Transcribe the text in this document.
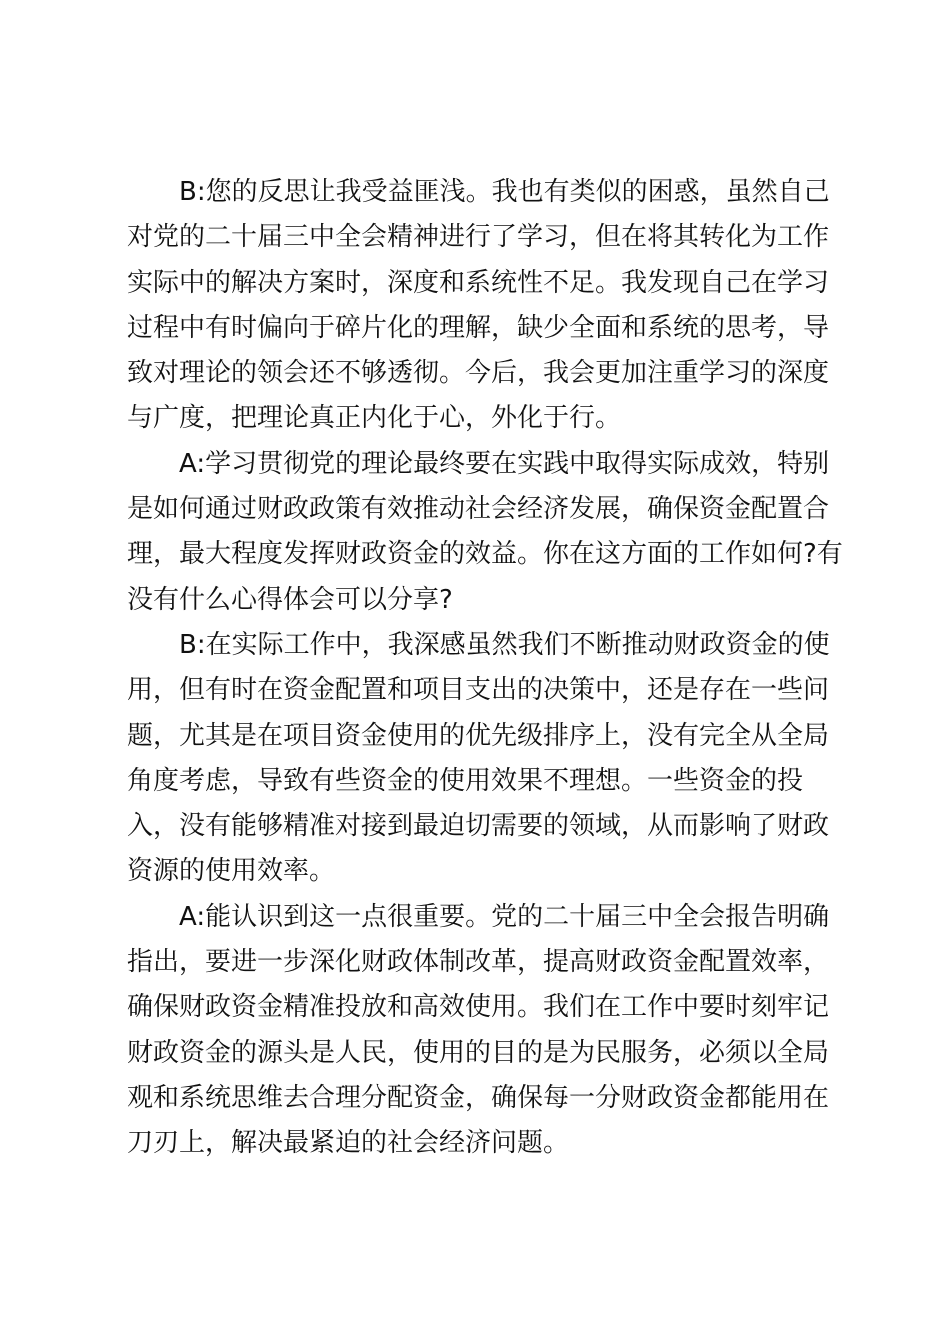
B:您的反思让我受益匪浅。我也有类似的困惑，虽然自己
对党的二十届三中全会精神进行了学习，但在将其转化为工作
实际中的解决方案时，深度和系统性不足。我发现自己在学习
过程中有时偏向于碎片化的理解，缺少全面和系统的思考，导
致对理论的领会还不够透彻。今后，我会更加注重学习的深度
与广度，把理论真正内化于心，外化于行。
A:学习贯彻党的理论最终要在实践中取得实际成效，特别
是如何通过财政政策有效推动社会经济发展，确保资金配置合
理，最大程度发挥财政资金的效益。你在这方面的工作如何?有
没有什么心得体会可以分享?
B:在实际工作中，我深感虽然我们不断推动财政资金的使
用，但有时在资金配置和项目支出的决策中，还是存在一些问
题，尤其是在项目资金使用的优先级排序上，没有完全从全局
角度考虑，导致有些资金的使用效果不理想。一些资金的投
入，没有能够精准对接到最迫切需要的领域，从而影响了财政
资源的使用效率。
A:能认识到这一点很重要。党的二十届三中全会报告明确
指出，要进一步深化财政体制改革，提高财政资金配置效率，
确保财政资金精准投放和高效使用。我们在工作中要时刻牢记
财政资金的源头是人民，使用的目的是为民服务，必须以全局
观和系统思维去合理分配资金，确保每一分财政资金都能用在
刀刃上，解决最紧迫的社会经济问题。
